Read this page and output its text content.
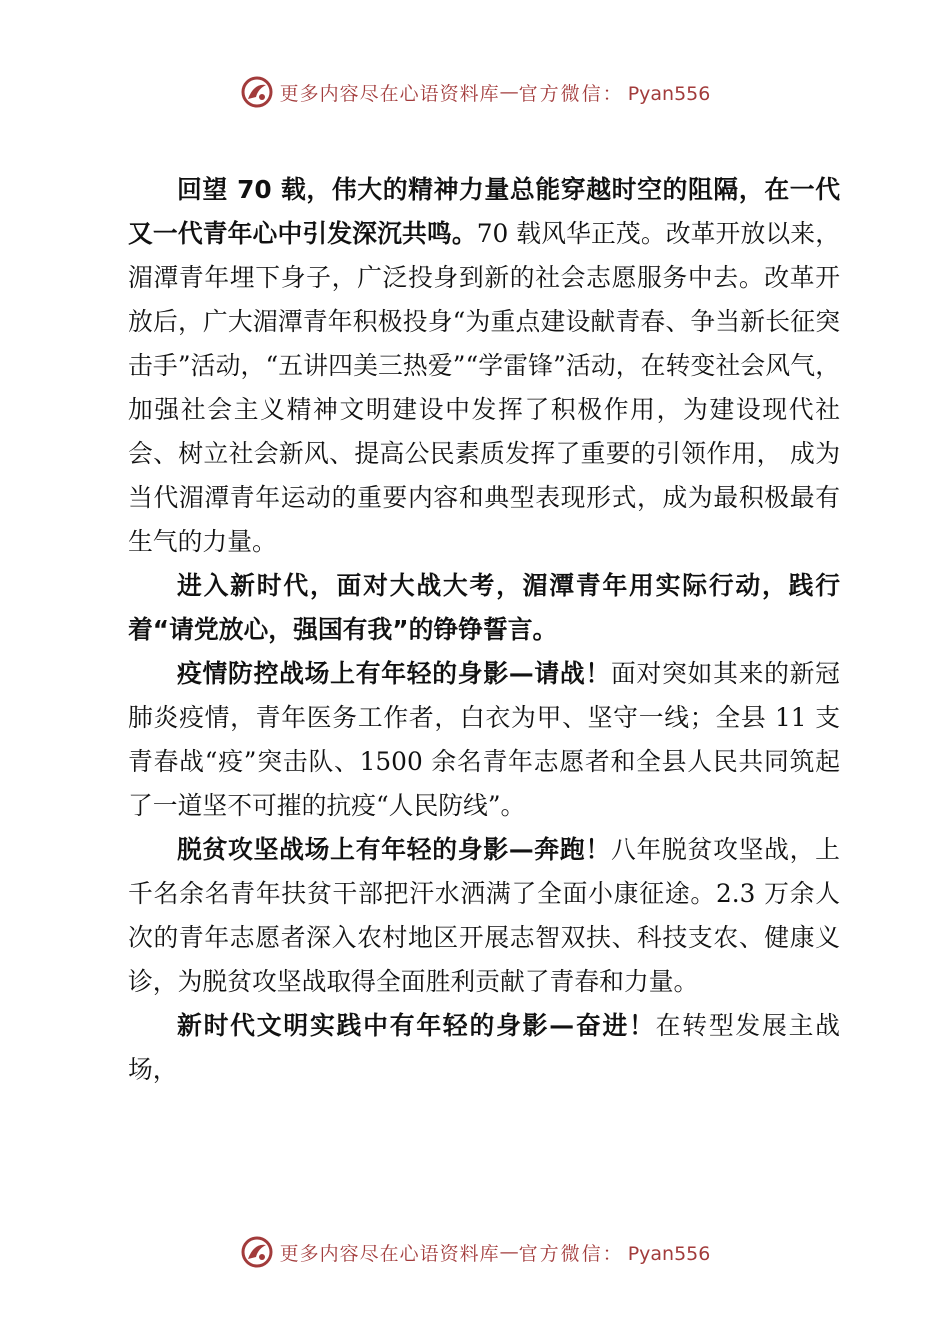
更多内容尽在心语资料库 — 官方微信： Pyan556

回望 70 载，伟大的精神力量总能穿越时空的阻隔，在一代又一代青年心中引发深沉共鸣。70 载风华正茂。改革开放以来，湄潭青年埋下身子，广泛投身到新的社会志愿服务中去。改革开放后，广大湄潭青年积极投身“为重点建设献青春、争当新长征突击手”活动，“五讲四美三热爱”“学雷锋”活动，在转变社会风气，加强社会主义精神文明建设中发挥了积极作用，为建设现代社会、树立社会新风、提高公民素质发挥了重要的引领作用， 成为当代湄潭青年运动的重要内容和典型表现形式，成为最积极最有生气的力量。

进入新时代，面对大战大考，湄潭青年用实际行动，践行着“请党放心，强国有我”的铮铮誓言。

疫情防控战场上有年轻的身影—请战！面对突如其来的新冠肺炎疫情，青年医务工作者，白衣为甲、坚守一线；全县 11 支青春战“疫”突击队、1500 余名青年志愿者和全县人民共同筑起了一道坚不可摧的抗疫“人民防线”。

脱贫攻坚战场上有年轻的身影—奔跑！八年脱贫攻坚战，上千名余名青年扶贫干部把汗水洒满了全面小康征途。2.3 万余人次的青年志愿者深入农村地区开展志智双扶、科技支农、健康义诊，为脱贫攻坚战取得全面胜利贡献了青春和力量。

新时代文明实践中有年轻的身影—奋进！在转型发展主战场，

更多内容尽在心语资料库 — 官方微信： Pyan556
